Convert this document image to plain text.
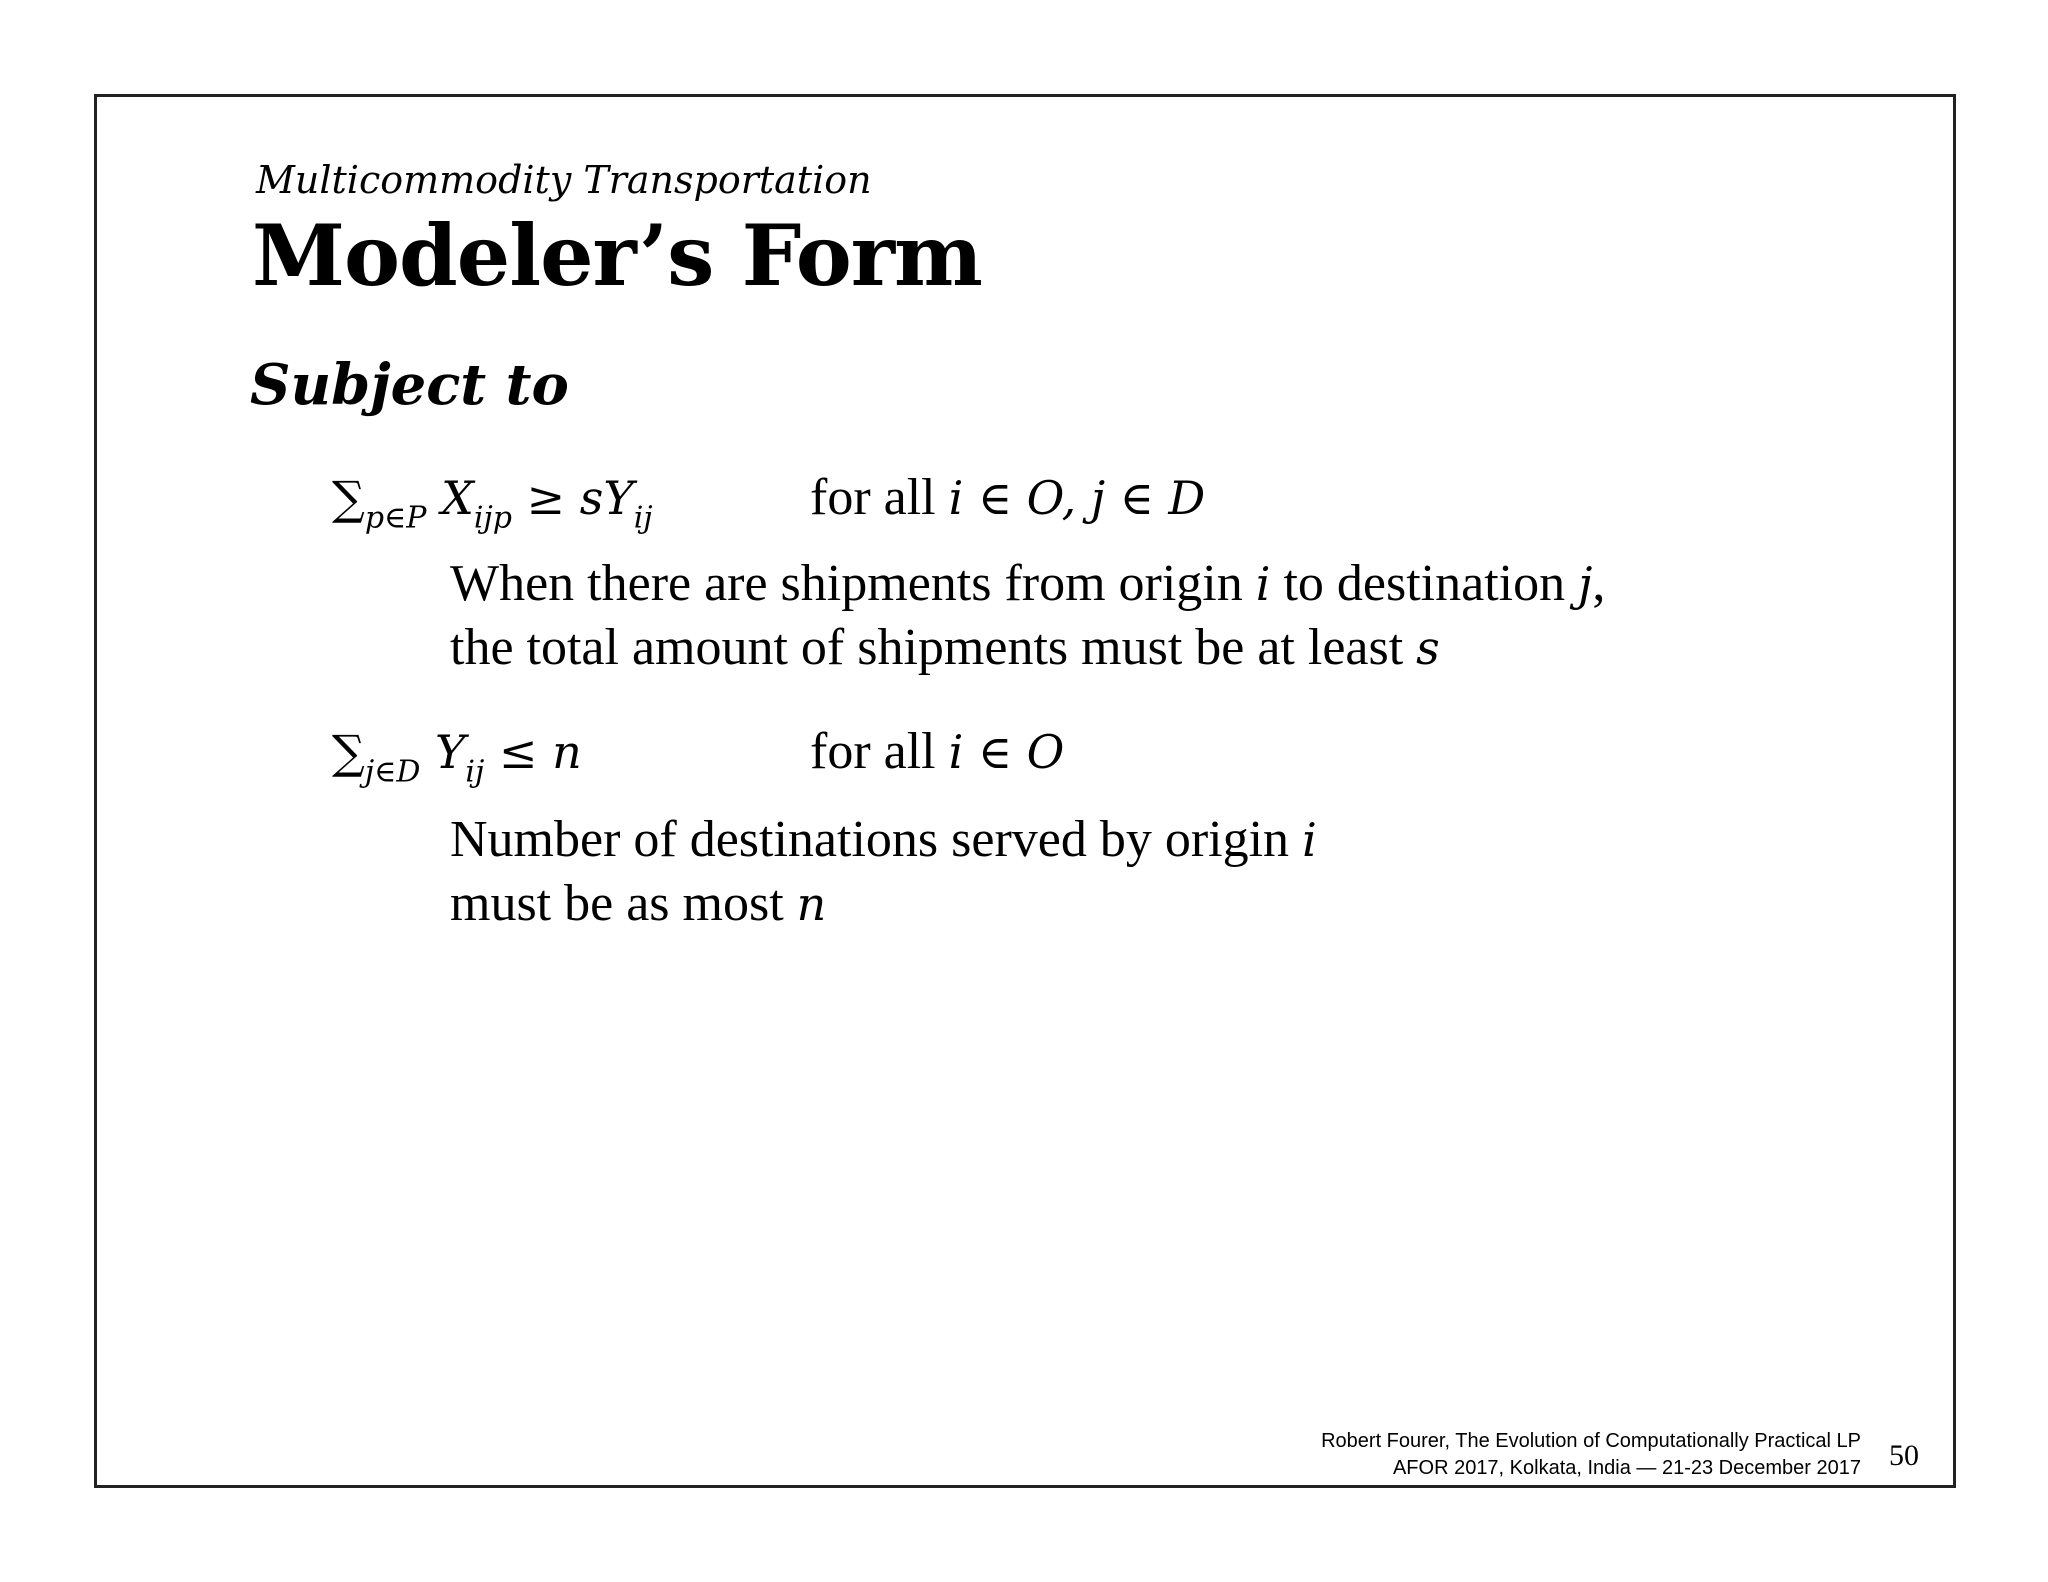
Multicommodity Transportation
Modeler’s Form
Subject to
$\sum_{p\in P}$ $X_{ijp} \ge sY_{ij}$	for all i ∈ O, j ∈ D
When there are shipments from origin i to destination j,
the total amount of shipments must be at least s
$\sum_{j\in D}$ $Y_{ij} \le n$	for all i ∈ O
Number of destinations served by origin i
must be as most n
Robert Fourer, The Evolution of Computationally Practical LP
AFOR 2017, Kolkata, India — 21-23 December 2017 50
